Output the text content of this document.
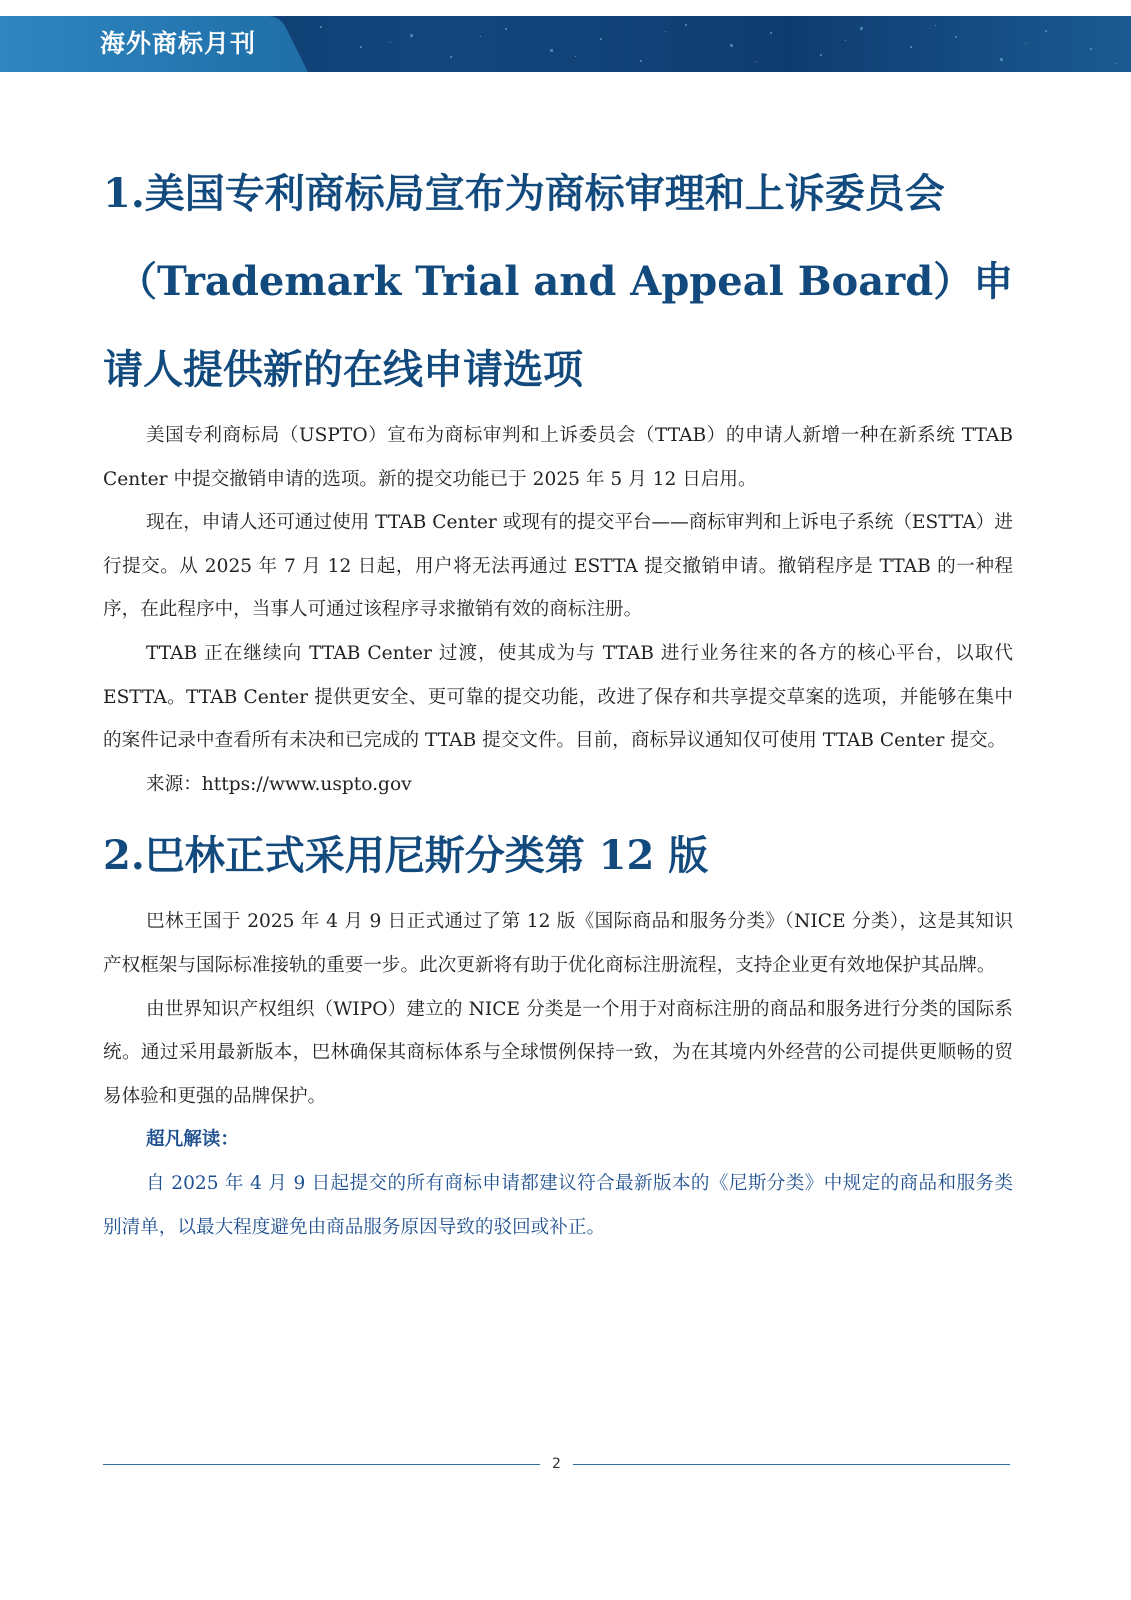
海外商标月刊
1.美国专利商标局宣布为商标审理和上诉委员会
（Trademark Trial and Appeal Board）申
请人提供新的在线申请选项

美国专利商标局（USPTO）宣布为商标审判和上诉委员会（TTAB）的申请人新增一种在新系统 TTAB Center 中提交撤销申请的选项。新的提交功能已于 2025 年 5 月 12 日启用。

现在，申请人还可通过使用 TTAB Center 或现有的提交平台——商标审判和上诉电子系统（ESTTA）进行提交。从 2025 年 7 月 12 日起，用户将无法再通过 ESTTA 提交撤销申请。撤销程序是 TTAB 的一种程序，在此程序中，当事人可通过该程序寻求撤销有效的商标注册。

TTAB 正在继续向 TTAB Center 过渡，使其成为与 TTAB 进行业务往来的各方的核心平台，以取代 ESTTA。TTAB Center 提供更安全、更可靠的提交功能，改进了保存和共享提交草案的选项，并能够在集中的案件记录中查看所有未决和已完成的 TTAB 提交文件。目前，商标异议通知仅可使用 TTAB Center 提交。

来源：https://www.uspto.gov

2.巴林正式采用尼斯分类第 12 版

巴林王国于 2025 年 4 月 9 日正式通过了第 12 版《国际商品和服务分类》（NICE 分类），这是其知识产权框架与国际标准接轨的重要一步。此次更新将有助于优化商标注册流程，支持企业更有效地保护其品牌。

由世界知识产权组织（WIPO）建立的 NICE 分类是一个用于对商标注册的商品和服务进行分类的国际系统。通过采用最新版本，巴林确保其商标体系与全球惯例保持一致，为在其境内外经营的公司提供更顺畅的贸易体验和更强的品牌保护。

超凡解读：

自 2025 年 4 月 9 日起提交的所有商标申请都建议符合最新版本的《尼斯分类》中规定的商品和服务类别清单，以最大程度避免由商品服务原因导致的驳回或补正。

2
